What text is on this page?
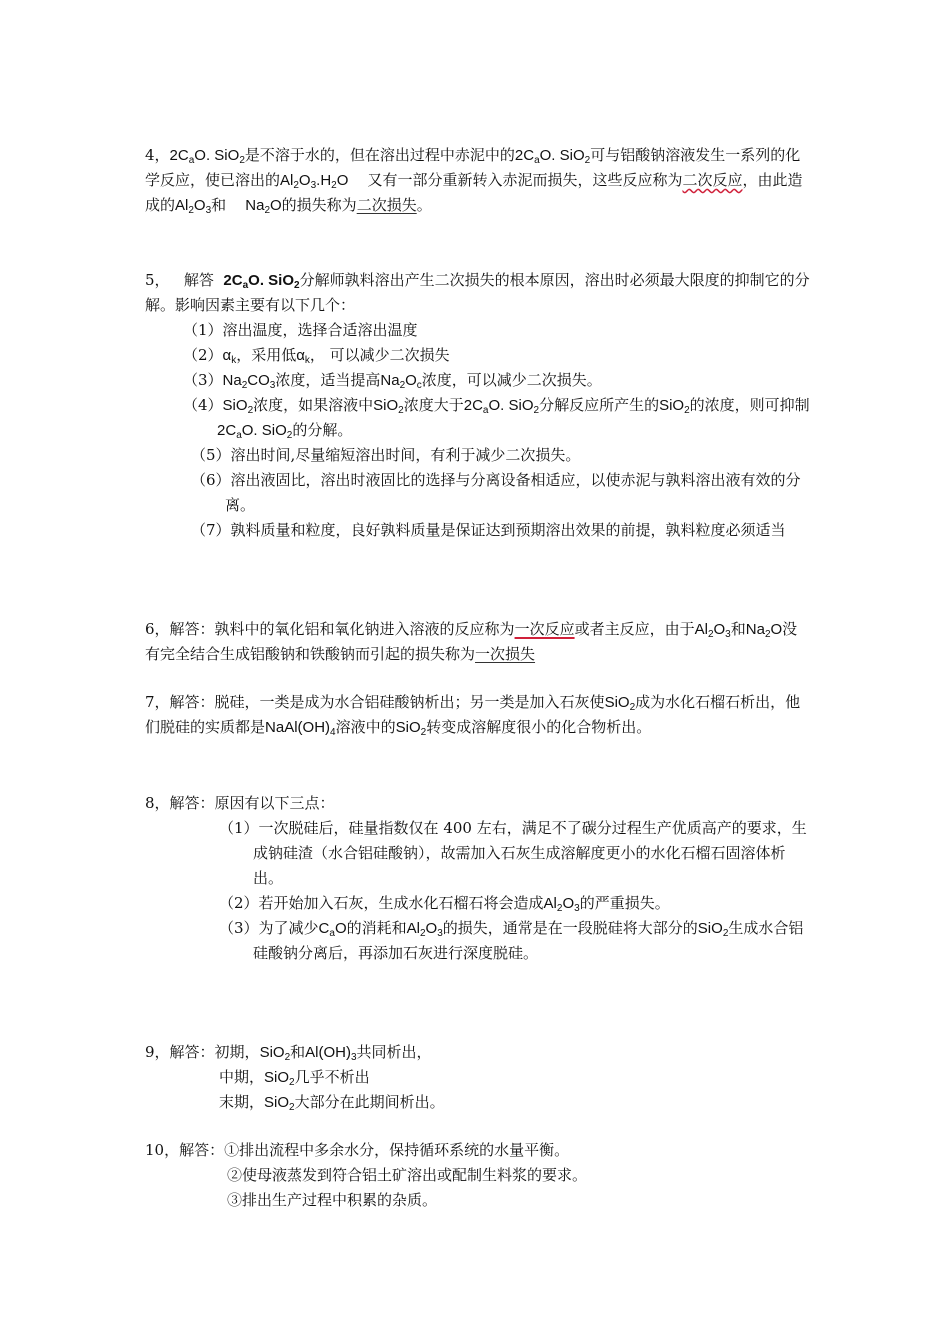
4，$2C_aO$. SiO$_2$是不溶于水的，但在溶出过程中赤泥中的$2C_aO$. SiO$_2$可与铝酸钠溶液发生一系列的化学反应，使已溶出的$Al_2O_3.H_2O$ 又有一部分重新转入赤泥而损失，这些反应称为二次反应，由此造成的$Al_2O_3$和 $Na_2O$的损失称为二次损失。
5， 解答 $2C_aO$. SiO$_2$分解师孰料溶出产生二次损失的根本原因，溶出时必须最大限度的抑制它的分解。影响因素主要有以下几个：
（1）溶出温度，选择合适溶出温度
$(2)\alpha_k$，采用低$\alpha_k$， 可以减少二次损失
$(3)Na_2CO_3$浓度，适当提高$Na_2O_c$浓度，可以减少二次损失。
（4）SiO$_2$浓度，如果溶液中SiO$_2$浓度大于$2C_aO$. SiO$_2$分解反应所产生的SiO$_2$的浓度，则可抑制$2C_aO$. SiO$_2$的分解。
（5）溶出时间,尽量缩短溶出时间，有利于减少二次损失。
（6）溶出液固比，溶出时液固比的选择与分离设备相适应，以使赤泥与孰料溶出液有效的分离。
（7）孰料质量和粒度，良好孰料质量是保证达到预期溶出效果的前提，孰料粒度必须适当
6，解答：孰料中的氧化铝和氧化钠进入溶液的反应称为一次反应或者主反应，由于$Al_2O_3$和$Na_2O$没有完全结合生成铝酸钠和铁酸钠而引起的损失称为一次损失
7，解答：脱硅，一类是成为水合铝硅酸钠析出；另一类是加入石灰使SiO$_2$成为水化石榴石析出，他们脱硅的实质都是$NaAl(OH)_4$溶液中的SiO$_2$转变成溶解度很小的化合物析出。
8，解答：原因有以下三点：
（1）一次脱硅后，硅量指数仅在 400 左右，满足不了碳分过程生产优质高产的要求，生成钠硅渣（水合铝硅酸钠），故需加入石灰生成溶解度更小的水化石榴石固溶体析出。
（2）若开始加入石灰，生成水化石榴石将会造成$Al_2O_3$的严重损失。
（3）为了减少$C_aO$的消耗和$Al_2O_3$的损失，通常是在一段脱硅将大部分的SiO$_2$生成水合铝硅酸钠分离后，再添加石灰进行深度脱硅。
9，解答：初期，SiO$_2$和$Al(OH)_3$共同析出，
中期，SiO$_2$几乎不析出
末期，SiO$_2$大部分在此期间析出。
10，解答：①排出流程中多余水分，保持循环系统的水量平衡。
②使母液蒸发到符合铝土矿溶出或配制生料浆的要求。
③排出生产过程中积累的杂质。
